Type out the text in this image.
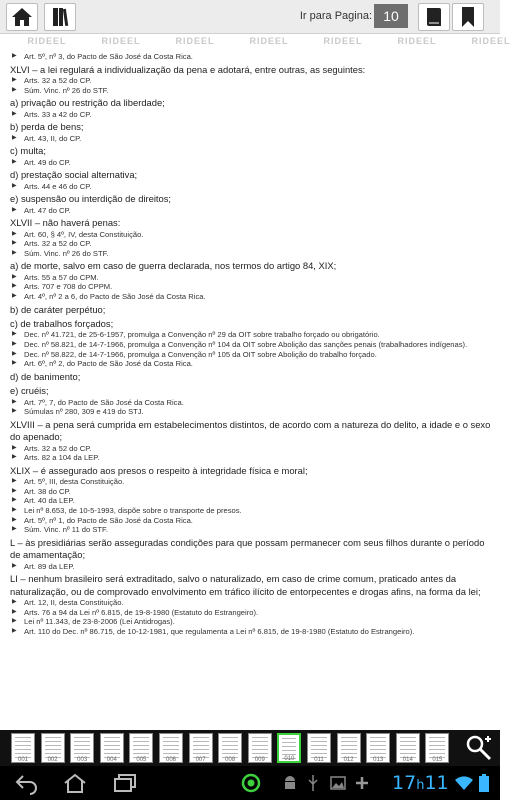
Ir para Pagina: 10
RIDEEL	RIDEEL	RIDEEL	RIDEEL	RIDEEL	RIDEEL	RIDEEL
▶ Art. 5º, nº 3, do Pacto de São José da Costa Rica.
XLVI – a lei regulará a individualização da pena e adotará, entre outras, as seguintes:
▶ Arts. 32 a 52 do CP.
▶ Súm. Vinc. nº 26 do STF.
a) privação ou restrição da liberdade;
▶ Arts. 33 a 42 do CP.
b) perda de bens;
▶ Art. 43, II, do CP.
c) multa;
▶ Art. 49 do CP.
d) prestação social alternativa;
▶ Arts. 44 e 46 do CP.
e) suspensão ou interdição de direitos;
▶ Art. 47 do CP.
XLVII – não haverá penas:
▶ Art. 60, § 4º, IV, desta Constituição.
▶ Arts. 32 a 52 do CP.
▶ Súm. Vinc. nº 26 do STF.
a) de morte, salvo em caso de guerra declarada, nos termos do artigo 84, XIX;
▶ Arts. 55 a 57 do CPM.
▶ Arts. 707 e 708 do CPPM.
▶ Art. 4º, nº 2 a 6, do Pacto de São José da Costa Rica.
b) de caráter perpétuo;
c) de trabalhos forçados;
▶ Dec. nº 41.721, de 25-6-1957, promulga a Convenção nº 29 da OIT sobre trabalho forçado ou obrigatório.
▶ Dec. nº 58.821, de 14-7-1966, promulga a Convenção nº 104 da OIT sobre Abolição das sanções penais (trabalhadores indígenas).
▶ Dec. nº 58.822, de 14-7-1966, promulga a Convenção nº 105 da OIT sobre Abolição do trabalho forçado.
▶ Art. 6º, nº 2, do Pacto de São José da Costa Rica.
d) de banimento;
e) cruéis;
▶ Art. 7º, 7, do Pacto de São José da Costa Rica.
▶ Súmulas nº 280, 309 e 419 do STJ.
XLVIII – a pena será cumprida em estabelecimentos distintos, de acordo com a natureza do delito, a idade e o sexo do apenado;
▶ Arts. 32 a 52 do CP.
▶ Arts. 82 a 104 da LEP.
XLIX – é assegurado aos presos o respeito à integridade física e moral;
▶ Art. 5º, III, desta Constituição.
▶ Art. 38 do CP.
▶ Art. 40 da LEP.
▶ Lei nº 8.653, de 10-5-1993, dispõe sobre o transporte de presos.
▶ Art. 5º, nº 1, do Pacto de São José da Costa Rica.
▶ Súm. Vinc. nº 11 do STF.
L – às presidiárias serão asseguradas condições para que possam permanecer com seus filhos durante o período de amamentação;
▶ Art. 89 da LEP.
LI – nenhum brasileiro será extraditado, salvo o naturalizado, em caso de crime comum, praticado antes da naturalização, ou de comprovado envolvimento em tráfico ilícito de entorpecentes e drogas afins, na forma da lei;
▶ Art. 12, II, desta Constituição.
▶ Arts. 76 a 94 da Lei nº 6.815, de 19-8-1980 (Estatuto do Estrangeiro).
▶ Lei nº 11.343, de 23-8-2006 (Lei Antidrogas).
▶ Art. 110 do Dec. nº 86.715, de 10-12-1981, que regulamenta a Lei nº 6.815, de 19-8-1980 (Estatuto do Estrangeiro).
001	002	003	004	005	006	007	008	009	010	011	012	013	014	015
17h11
